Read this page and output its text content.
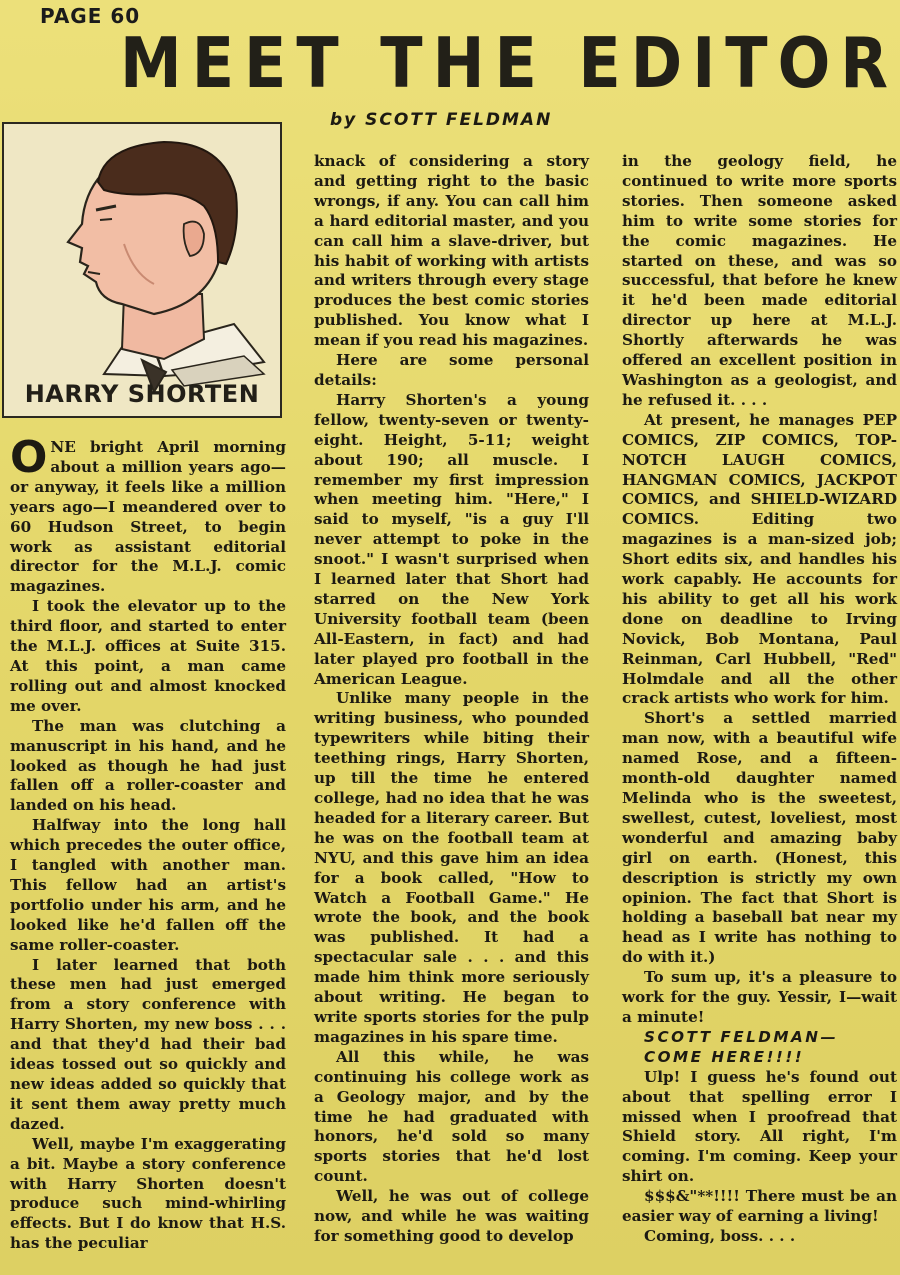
PAGE 60
MEET THE EDITOR
by SCOTT FELDMAN
HARRY SHORTEN

ONE bright April morning about a million years ago—or anyway, it feels like a million years ago—I meandered over to 60 Hudson Street, to begin work as assistant editorial director for the M.L.J. comic magazines.

I took the elevator up to the third floor, and started to enter the M.L.J. offices at Suite 315. At this point, a man came rolling out and almost knocked me over.

The man was clutching a manuscript in his hand, and he looked as though he had just fallen off a roller-coaster and landed on his head.

Halfway into the long hall which precedes the outer office, I tangled with another man. This fellow had an artist's portfolio under his arm, and he looked like he'd fallen off the same roller-coaster.

I later learned that both these men had just emerged from a story conference with Harry Shorten, my new boss . . . and that they'd had their bad ideas tossed out so quickly and new ideas added so quickly that it sent them away pretty much dazed.

Well, maybe I'm exaggerating a bit. Maybe a story conference with Harry Shorten doesn't produce such mind-whirling effects. But I do know that H.S. has the peculiar

knack of considering a story and getting right to the basic wrongs, if any. You can call him a hard editorial master, and you can call him a slave-driver, but his habit of working with artists and writers through every stage produces the best comic stories published. You know what I mean if you read his magazines.

Here are some personal details:

Harry Shorten's a young fellow, twenty-seven or twenty-eight. Height, 5-11; weight about 190; all muscle. I remember my first impression when meeting him. "Here," I said to myself, "is a guy I'll never attempt to poke in the snoot." I wasn't surprised when I learned later that Short had starred on the New York University football team (been All-Eastern, in fact) and had later played pro football in the American League.

Unlike many people in the writing business, who pounded typewriters while biting their teething rings, Harry Shorten, up till the time he entered college, had no idea that he was headed for a literary career. But he was on the football team at NYU, and this gave him an idea for a book called, "How to Watch a Football Game." He wrote the book, and the book was published. It had a spectacular sale . . . and this made him think more seriously about writing. He began to write sports stories for the pulp magazines in his spare time.

All this while, he was continuing his college work as a Geology major, and by the time he had graduated with honors, he'd sold so many sports stories that he'd lost count.

Well, he was out of college now, and while he was waiting for something good to develop

in the geology field, he continued to write more sports stories. Then someone asked him to write some stories for the comic magazines. He started on these, and was so successful, that before he knew it he'd been made editorial director up here at M.L.J. Shortly afterwards he was offered an excellent position in Washington as a geologist, and he refused it. . . .

At present, he manages PEP COMICS, ZIP COMICS, TOP-NOTCH LAUGH COMICS, HANGMAN COMICS, JACKPOT COMICS, and SHIELD-WIZARD COMICS. Editing two magazines is a man-sized job; Short edits six, and handles his work capably. He accounts for his ability to get all his work done on deadline to Irving Novick, Bob Montana, Paul Reinman, Carl Hubbell, "Red" Holmdale and all the other crack artists who work for him.

Short's a settled married man now, with a beautiful wife named Rose, and a fifteen-month-old daughter named Melinda who is the sweetest, swellest, cutest, loveliest, most wonderful and amazing baby girl on earth. (Honest, this description is strictly my own opinion. The fact that Short is holding a baseball bat near my head as I write has nothing to do with it.)

To sum up, it's a pleasure to work for the guy. Yessir, I—wait a minute!

SCOTT FELDMAN—COME HERE!!!!

Ulp! I guess he's found out about that spelling error I missed when I proofread that Shield story. All right, I'm coming. I'm coming. Keep your shirt on.

$$$&"**!!!! There must be an easier way of earning a living!

Coming, boss. . . .
